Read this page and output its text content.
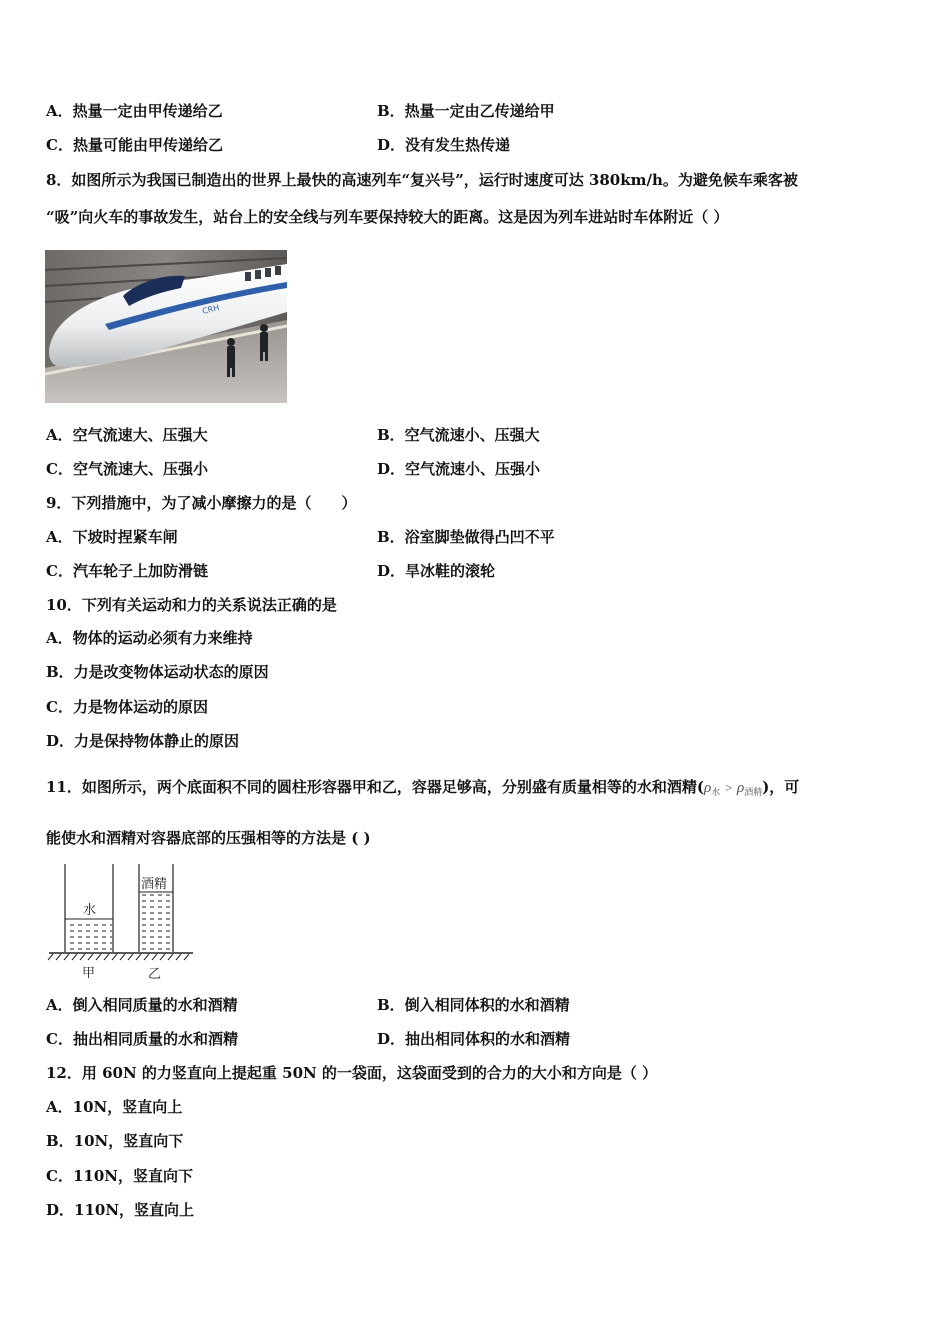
A．热量一定由甲传递给乙	B．热量一定由乙传递给甲
C．热量可能由甲传递给乙	D．没有发生热传递
8．如图所示为我国已制造出的世界上最快的高速列车“复兴号”，运行时速度可达 380km/h。为避免候车乘客被
“吸”向火车的事故发生，站台上的安全线与列车要保持较大的距离。这是因为列车进站时车体附近（ ）
CRH
A．空气流速大、压强大	B．空气流速小、压强大
C．空气流速大、压强小	D．空气流速小、压强小
9．下列措施中，为了减小摩擦力的是（　　）
A．下坡时捏紧车闸	B．浴室脚垫做得凸凹不平
C．汽车轮子上加防滑链	D．旱冰鞋的滚轮
10．下列有关运动和力的关系说法正确的是
A．物体的运动必须有力来维持
B．力是改变物体运动状态的原因
C．力是物体运动的原因
D．力是保持物体静止的原因
11．如图所示，两个底面积不同的圆柱形容器甲和乙，容器足够高，分别盛有质量相等的水和酒精$(\rho_水 > \rho_{酒精})$，可
能使水和酒精对容器底部的压强相等的方法是 ( )
水
酒精
甲	乙
A．倒入相同质量的水和酒精	B．倒入相同体积的水和酒精
C．抽出相同质量的水和酒精	D．抽出相同体积的水和酒精
12．用 60N 的力竖直向上提起重 50N 的一袋面，这袋面受到的合力的大小和方向是（ ）
A．10N，竖直向上
B．10N，竖直向下
C．110N，竖直向下
D．110N，竖直向上
